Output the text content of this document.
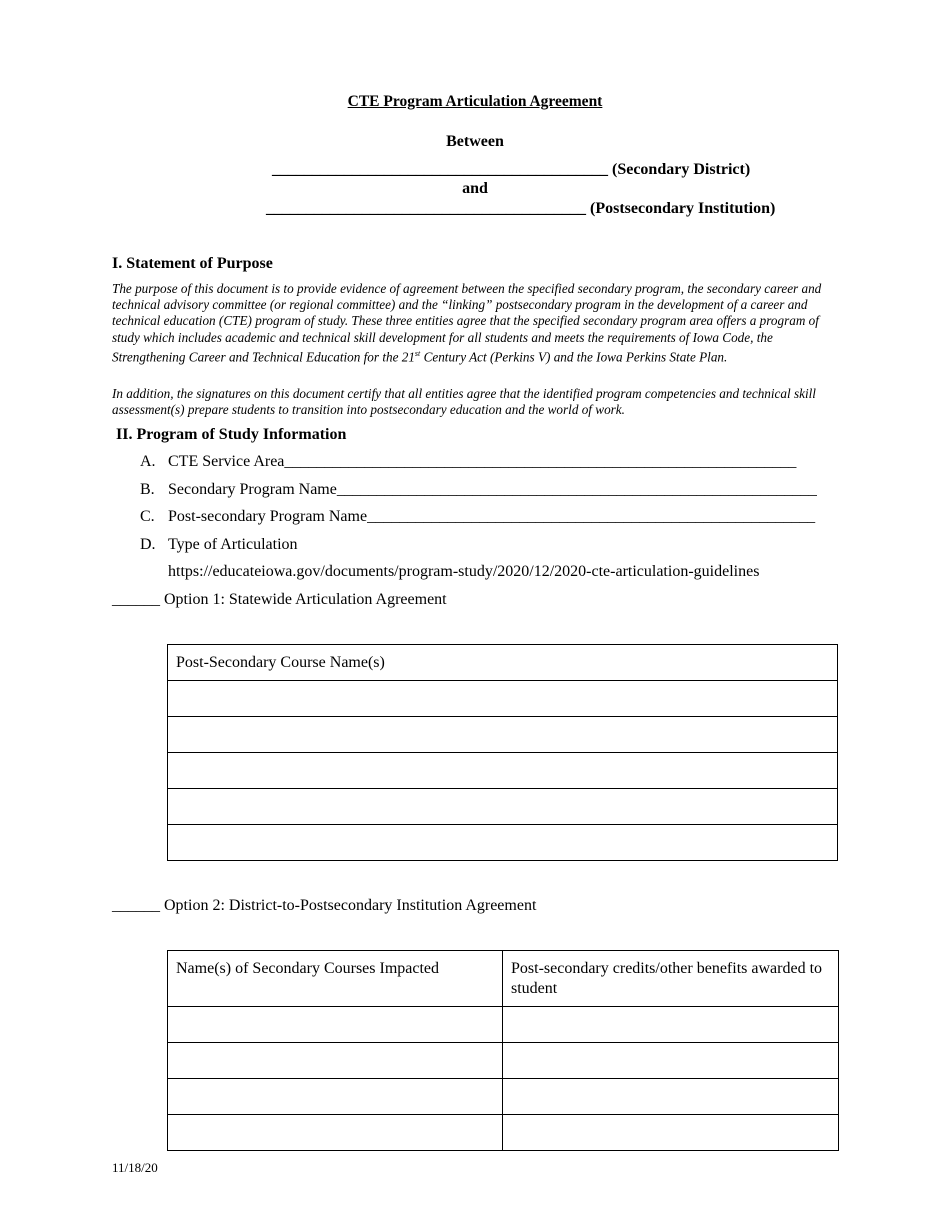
CTE Program Articulation Agreement
Between
__________________________________________ (Secondary District)
and
________________________________________ (Postsecondary Institution)
I. Statement of Purpose
The purpose of this document is to provide evidence of agreement between the specified secondary program, the secondary career and technical advisory committee (or regional committee) and the “linking” postsecondary program in the development of a career and technical education (CTE) program of study. These three entities agree that the specified secondary program area offers a program of study which includes academic and technical skill development for all students and meets the requirements of Iowa Code, the Strengthening Career and Technical Education for the 21st Century Act (Perkins V) and the Iowa Perkins State Plan.
In addition, the signatures on this document certify that all entities agree that the identified program competencies and technical skill assessment(s) prepare students to transition into postsecondary education and the world of work.
II. Program of Study Information
A. CTE Service Area________________________________________________________________
B. Secondary Program Name____________________________________________________________
C. Post-secondary Program Name________________________________________________________
D. Type of Articulation
https://educateiowa.gov/documents/program-study/2020/12/2020-cte-articulation-guidelines
______ Option 1: Statewide Articulation Agreement
Post-Secondary Course Name(s)

______ Option 2: District-to-Postsecondary Institution Agreement
Name(s) of Secondary Courses Impacted	Post-secondary credits/other benefits awarded to student

11/18/20
